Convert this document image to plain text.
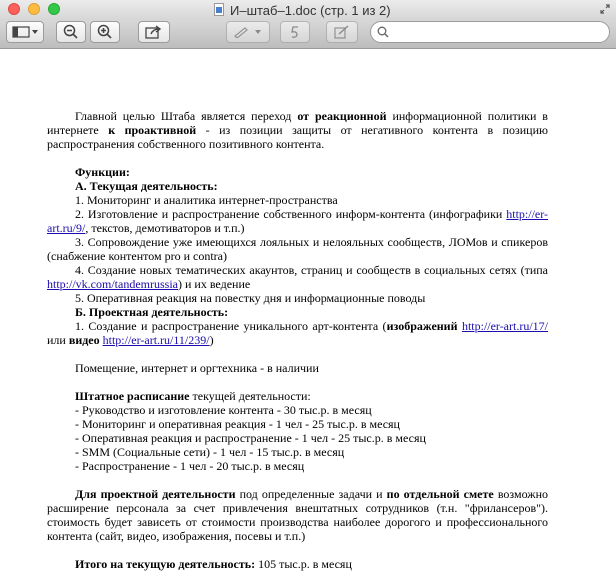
И–штаб–1.doc (стр. 1 из 2)

Главной целью Штаба является переход от реакционной информационной политики в интернете к проактивной - из позиции защиты от негативного контента в позицию распространения собственного позитивного контента.

Функции:

А. Текущая деятельность:

1. Мониторинг и аналитика интернет-пространства

2. Изготовление и распространение собственного информ-контента (инфографики http://er-art.ru/9/, текстов, демотиваторов и т.п.)

3. Сопровождение уже имеющихся лояльных и нелояльных сообществ, ЛОМов и спикеров (снабжение контентом pro и contra)

4. Создание новых тематических акаунтов, страниц и сообществ в социальных сетях (типа http://vk.com/tandemrussia) и их ведение

5. Оперативная реакция на повестку дня и информационные поводы

Б. Проектная деятельность:

1. Создание и распространение уникального арт-контента (изображений http://er-art.ru/17/ или видео http://er-art.ru/11/239/)

Помещение, интернет и оргтехника - в наличии

Штатное расписание текущей деятельности:

- Руководство и изготовление контента - 30 тыс.р. в месяц

- Мониторинг и оперативная реакция - 1 чел - 25 тыс.р. в месяц

- Оперативная реакция и распространение - 1 чел - 25 тыс.р. в месяц

- SMM (Социальные сети) - 1 чел - 15 тыс.р. в месяц

- Распространение - 1 чел - 20 тыс.р. в месяц

Для проектной деятельности под определенные задачи и по отдельной смете возможно расширение персонала за счет привлечения внештатных сотрудников (т.н. "фрилансеров"). стоимость будет зависеть от стоимости производства наиболее дорогого и профессионального контента (сайт, видео, изображения, посевы и т.п.)

Итого на текущую деятельность: 105 тыс.р. в месяц
